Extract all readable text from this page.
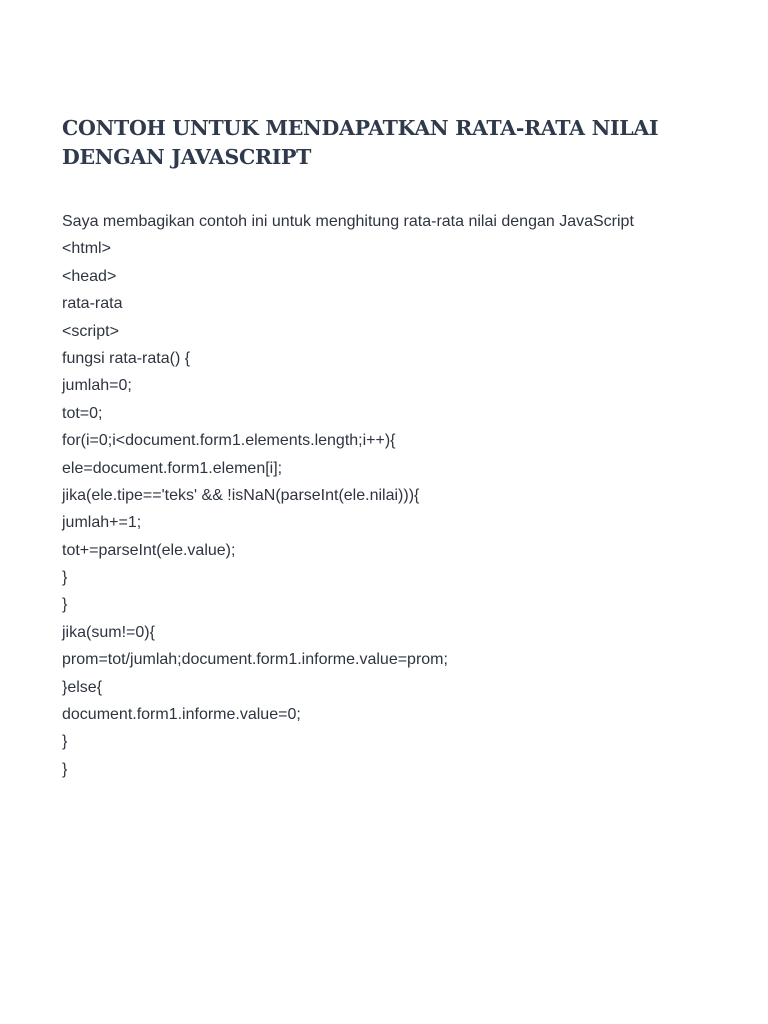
CONTOH UNTUK MENDAPATKAN RATA-RATA NILAI DENGAN JAVASCRIPT
Saya membagikan contoh ini untuk menghitung rata-rata nilai dengan JavaScript
<html>
<head>
rata-rata
<script>
fungsi rata-rata() {
jumlah=0;
tot=0;
for(i=0;i<document.form1.elements.length;i++){
ele=document.form1.elemen[i];
jika(ele.tipe=='teks' && !isNaN(parseInt(ele.nilai))){
jumlah+=1;
tot+=parseInt(ele.value);
}
}
jika(sum!=0){
prom=tot/jumlah;document.form1.informe.value=prom;
}else{
document.form1.informe.value=0;
}
}
